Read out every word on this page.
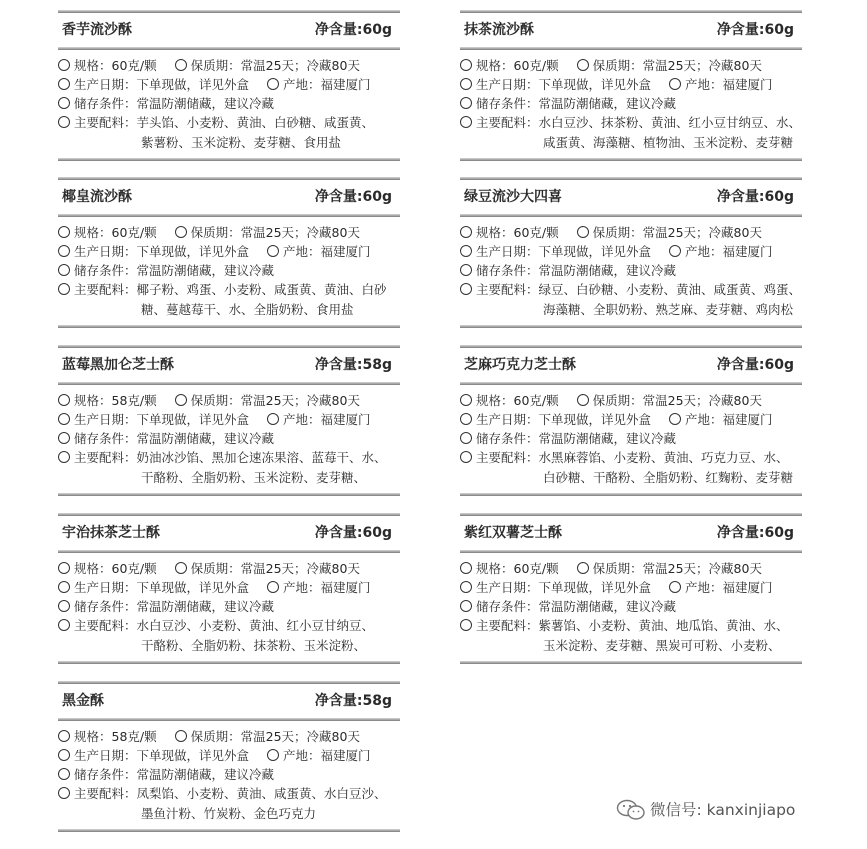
香芋流沙酥	净含量:60g
规格：60克/颗	保质期：常温25天；冷藏80天
生产日期：下单现做，详见外盒	产地：福建厦门
储存条件：常温防潮储藏，建议冷藏
主要配料：芋头馅、小麦粉、黄油、白砂糖、咸蛋黄、
紫薯粉、玉米淀粉、麦芽糖、食用盐
抹茶流沙酥	净含量:60g
规格：60克/颗	保质期：常温25天；冷藏80天
生产日期：下单现做，详见外盒	产地：福建厦门
储存条件：常温防潮储藏，建议冷藏
主要配料：水白豆沙、抹茶粉、黄油、红小豆甘纳豆、水、
咸蛋黄、海藻糖、植物油、玉米淀粉、麦芽糖
椰皇流沙酥	净含量:60g
规格：60克/颗	保质期：常温25天；冷藏80天
生产日期：下单现做，详见外盒	产地：福建厦门
储存条件：常温防潮储藏，建议冷藏
主要配料：椰子粉、鸡蛋、小麦粉、咸蛋黄、黄油、白砂
糖、蔓越莓干、水、全脂奶粉、食用盐
绿豆流沙大四喜	净含量:60g
规格：60克/颗	保质期：常温25天；冷藏80天
生产日期：下单现做，详见外盒	产地：福建厦门
储存条件：常温防潮储藏，建议冷藏
主要配料：绿豆、白砂糖、小麦粉、黄油、咸蛋黄、鸡蛋、
海藻糖、全职奶粉、熟芝麻、麦芽糖、鸡肉松
蓝莓黑加仑芝士酥	净含量:58g
规格：58克/颗	保质期：常温25天；冷藏80天
生产日期：下单现做，详见外盒	产地：福建厦门
储存条件：常温防潮储藏，建议冷藏
主要配料：奶油冰沙馅、黑加仑速冻果溶、蓝莓干、水、
干酪粉、全脂奶粉、玉米淀粉、麦芽糖、
芝麻巧克力芝士酥	净含量:60g
规格：60克/颗	保质期：常温25天；冷藏80天
生产日期：下单现做，详见外盒	产地：福建厦门
储存条件：常温防潮储藏，建议冷藏
主要配料：水黑麻蓉馅、小麦粉、黄油、巧克力豆、水、
白砂糖、干酪粉、全脂奶粉、红麴粉、麦芽糖
宇治抹茶芝士酥	净含量:60g
规格：60克/颗	保质期：常温25天；冷藏80天
生产日期：下单现做，详见外盒	产地：福建厦门
储存条件：常温防潮储藏，建议冷藏
主要配料：水白豆沙、小麦粉、黄油、红小豆甘纳豆、
干酪粉、全脂奶粉、抹茶粉、玉米淀粉、
紫红双薯芝士酥	净含量:60g
规格：60克/颗	保质期：常温25天；冷藏80天
生产日期：下单现做，详见外盒	产地：福建厦门
储存条件：常温防潮储藏，建议冷藏
主要配料：紫薯馅、小麦粉、黄油、地瓜馅、黄油、水、
玉米淀粉、麦芽糖、黑炭可可粉、小麦粉、
黑金酥	净含量:58g
规格：58克/颗	保质期：常温25天；冷藏80天
生产日期：下单现做，详见外盒	产地：福建厦门
储存条件：常温防潮储藏，建议冷藏
主要配料：凤梨馅、小麦粉、黄油、咸蛋黄、水白豆沙、
墨鱼汁粉、竹炭粉、金色巧克力	微信号: kanxinjiapo
